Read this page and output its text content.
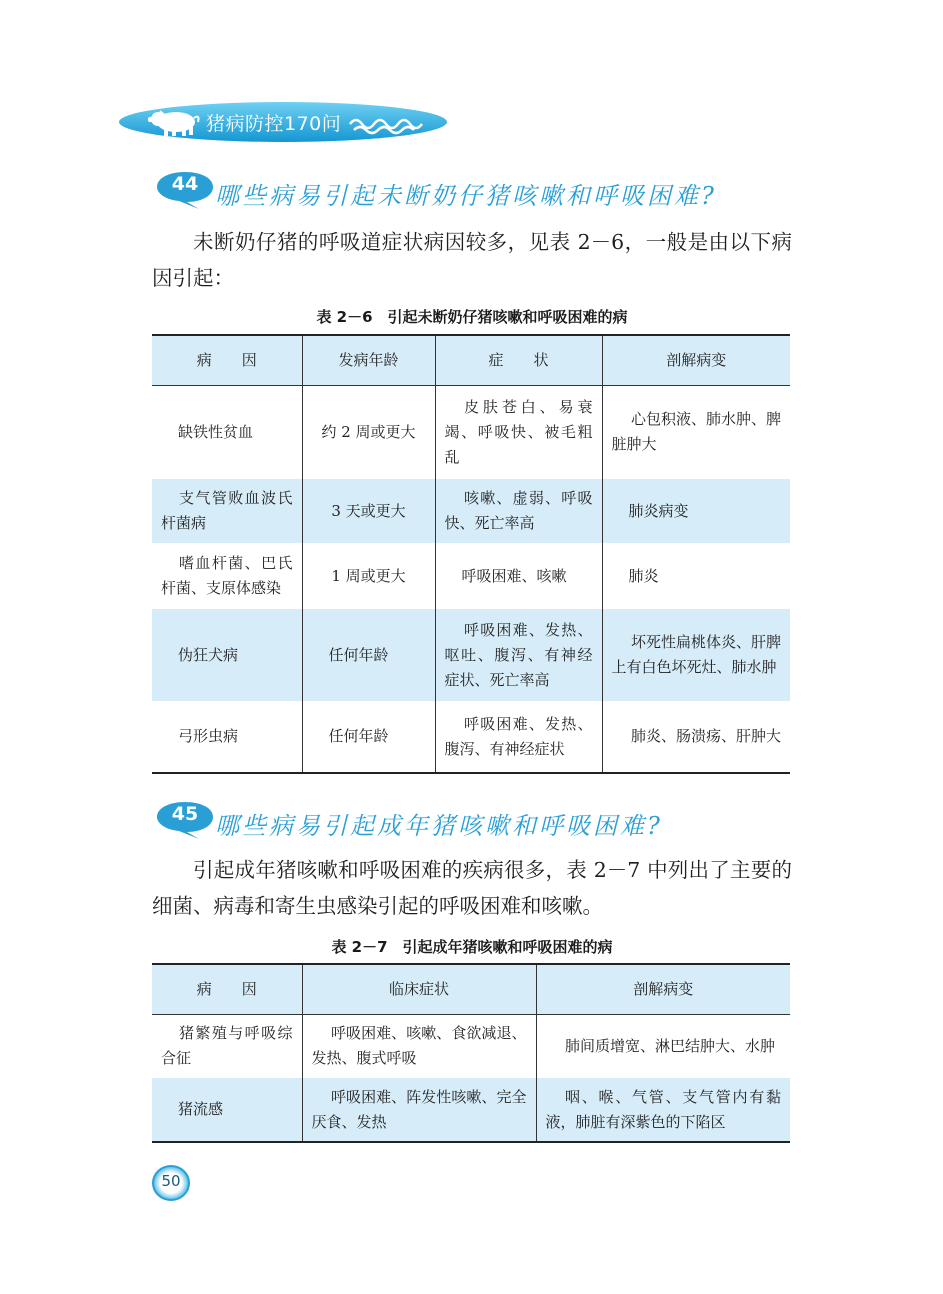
猪病防控170问
44 哪些病易引起未断奶仔猪咳嗽和呼吸困难?

未断奶仔猪的呼吸道症状病因较多，见表 2－6，一般是由以下病因引起：

表 2－6　引起未断奶仔猪咳嗽和呼吸困难的病
病　　因	发病年龄	症　　状	剖解病变
缺铁性贫血	约 2 周或更大	皮肤苍白、易衰竭、呼吸快、被毛粗乱	心包积液、肺水肿、脾脏肿大
支气管败血波氏杆菌病	3 天或更大	咳嗽、虚弱、呼吸快、死亡率高	肺炎病变
嗜血杆菌、巴氏杆菌、支原体感染	1 周或更大	呼吸困难、咳嗽	肺炎
伪狂犬病	任何年龄	呼吸困难、发热、呕吐、腹泻、有神经症状、死亡率高	坏死性扁桃体炎、肝脾上有白色坏死灶、肺水肿
弓形虫病	任何年龄	呼吸困难、发热、腹泻、有神经症状	肺炎、肠溃疡、肝肿大
45 哪些病易引起成年猪咳嗽和呼吸困难?

引起成年猪咳嗽和呼吸困难的疾病很多，表 2－7 中列出了主要的细菌、病毒和寄生虫感染引起的呼吸困难和咳嗽。

表 2－7　引起成年猪咳嗽和呼吸困难的病
病　　因	临床症状	剖解病变
猪繁殖与呼吸综合征	呼吸困难、咳嗽、食欲减退、发热、腹式呼吸	肺间质增宽、淋巴结肿大、水肿
猪流感	呼吸困难、阵发性咳嗽、完全厌食、发热	咽、喉、气管、支气管内有黏液，肺脏有深紫色的下陷区
50
